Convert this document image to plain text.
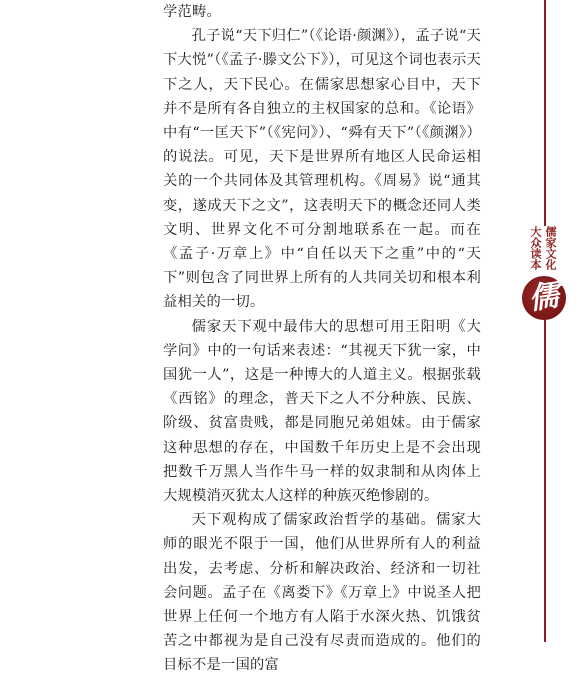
学范畴。

孔子说“天下归仁”（《论语·颜渊》），孟子说“天下大悦”（《孟子·滕文公下》），可见这个词也表示天下之人，天下民心。在儒家思想家心目中，天下并不是所有各自独立的主权国家的总和。《论语》中有“一匡天下”（《宪问》）、“舜有天下”（《颜渊》）的说法。可见，天下是世界所有地区人民命运相关的一个共同体及其管理机构。《周易》说“通其变，遂成天下之文”，这表明天下的概念还同人类文明、世界文化不可分割地联系在一起。而在《孟子·万章上》中“自任以天下之重”中的“天下”则包含了同世界上所有的人共同关切和根本利益相关的一切。

儒家天下观中最伟大的思想可用王阳明《大学问》中的一句话来表述：“其视天下犹一家，中国犹一人”，这是一种博大的人道主义。根据张载《西铭》的理念，普天下之人不分种族、民族、阶级、贫富贵贱，都是同胞兄弟姐妹。由于儒家这种思想的存在，中国数千年历史上是不会出现把数千万黑人当作牛马一样的奴隶制和从肉体上大规模消灭犹太人这样的种族灭绝惨剧的。

天下观构成了儒家政治哲学的基础。儒家大师的眼光不限于一国，他们从世界所有人的利益出发，去考虑、分析和解决政治、经济和一切社会问题。孟子在《离娄下》《万章上》中说圣人把世界上任何一个地方有人陷于水深火热、饥饿贫苦之中都视为是自己没有尽责而造成的。他们的目标不是一国的富

儒家文化
大众读本
儒
